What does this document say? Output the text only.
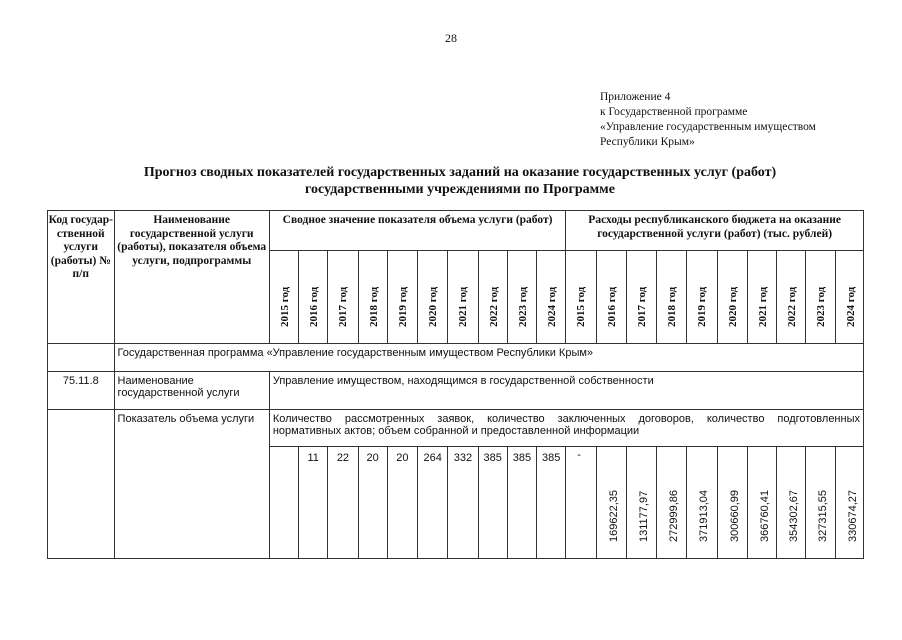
28
Приложение 4
к Государственной программе
«Управление государственным имуществом
Республики Крым»
Прогноз сводных показателей государственных заданий на оказание государственных услуг (работ)
государственными учреждениями по Программе
Код государ-ственной услуги (работы) № п/п	Наименование государственной услуги (работы), показателя объема услуги, подпрограммы	Сводное значение показателя объема услуги (работ)										Расходы республиканского бюджета на оказание государственной услуги (работ) (тыс. рублей)									

		2015 год	2016 год	2017 год	2018 год	2019 год	2020 год	2021 год	2022 год	2023 год	2024 год	2015 год	2016 год	2017 год	2018 год	2019 год	2020 год	2021 год	2022 год	2023 год	2024 год

	Государственная программа «Управление государственным имуществом Республики Крым»																				
75.11.8	Наименование государственной услуги	Управление имуществом, находящимся в государственной собственности																			
	Показатель объема услуги	Количество рассмотренных заявок, количество заключенных договоров, количество подготовленных нормативных актов; объем собранной и предоставленной информации																			
			11	22	20	20	264	332	385	385	385	-	169622,35	131177,97	272999,86	371913,04	300660,99	366760,41	354302,67	327315,55	330674,27
